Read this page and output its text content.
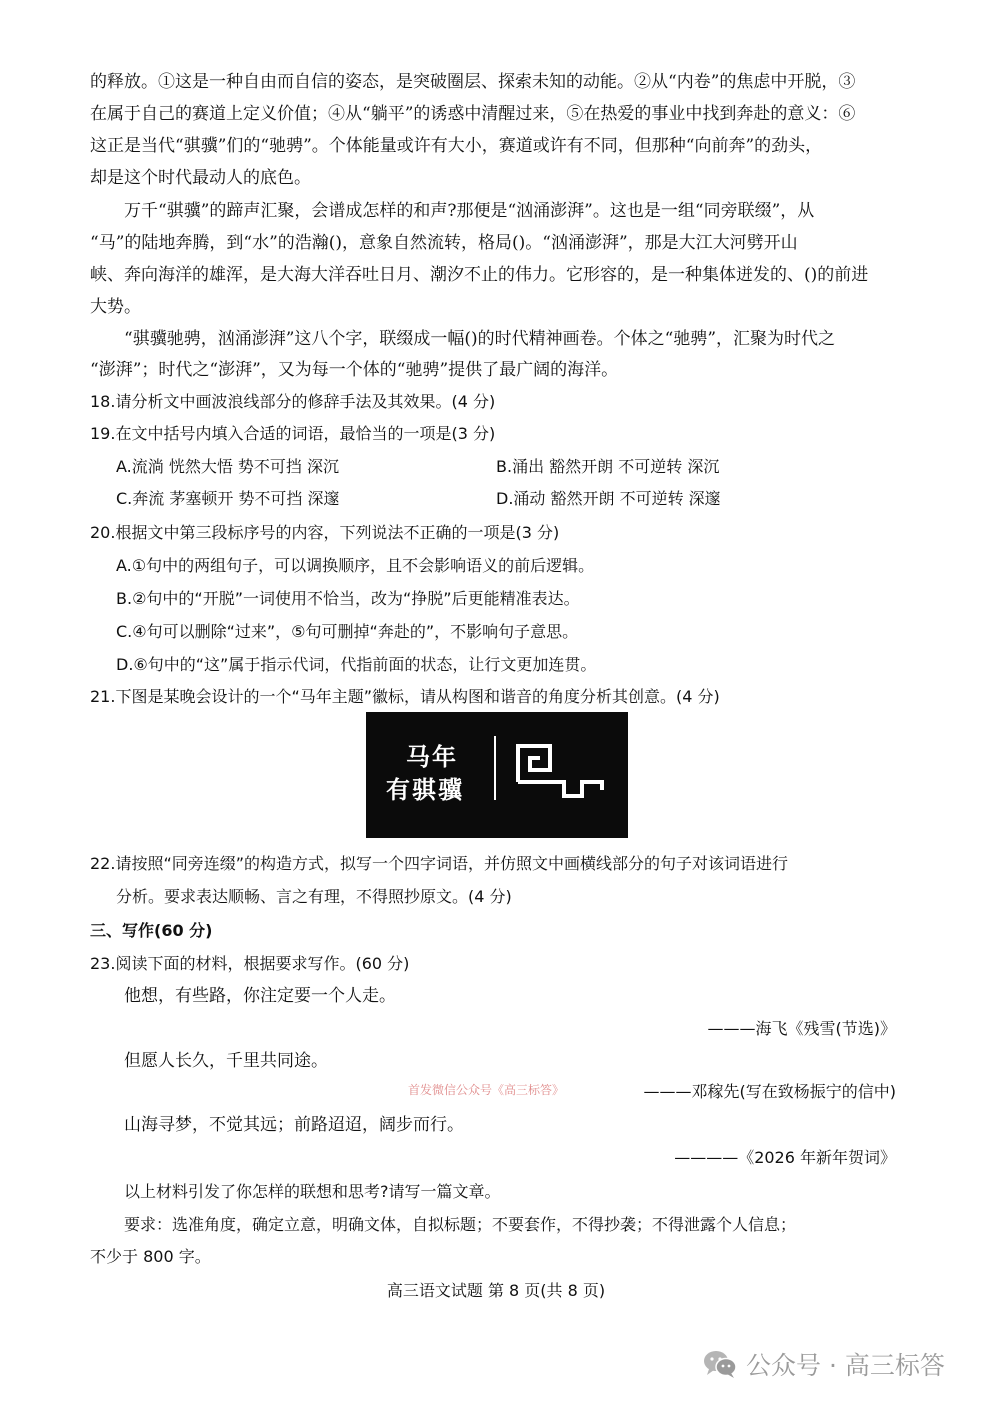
的释放。①这是一种自由而自信的姿态，是突破圈层、探索未知的动能。②从“内卷”的焦虑中开脱，③
在属于自己的赛道上定义价值；④从“躺平”的诱惑中清醒过来，⑤在热爱的事业中找到奔赴的意义：⑥
这正是当代“骐骥”们的“驰骋”。个体能量或许有大小，赛道或许有不同，但那种“向前奔”的劲头，
却是这个时代最动人的底色。
万千“骐骥”的蹄声汇聚，会谱成怎样的和声?那便是“汹涌澎湃”。这也是一组“同旁联缀”，从
“马”的陆地奔腾，到“水”的浩瀚()，意象自然流转，格局()。“汹涌澎湃”，那是大江大河劈开山
峡、奔向海洋的雄浑，是大海大洋吞吐日月、潮汐不止的伟力。它形容的，是一种集体迸发的、()的前进
大势。
“骐骥驰骋，汹涌澎湃”这八个字，联缀成一幅()的时代精神画卷。个体之“驰骋”，汇聚为时代之
“澎湃”；时代之“澎湃”，又为每一个体的“驰骋”提供了最广阔的海洋。
18.请分析文中画波浪线部分的修辞手法及其效果。(4 分)
19.在文中括号内填入合适的词语，最恰当的一项是(3 分)
A.流淌 恍然大悟 势不可挡 深沉	B.涌出 豁然开朗 不可逆转 深沉
C.奔流 茅塞顿开 势不可挡 深邃	D.涌动 豁然开朗 不可逆转 深邃
20.根据文中第三段标序号的内容，下列说法不正确的一项是(3 分)
A.①句中的两组句子，可以调换顺序，且不会影响语义的前后逻辑。
B.②句中的“开脱”一词使用不恰当，改为“挣脱”后更能精准表达。
C.④句可以删除“过来”，⑤句可删掉“奔赴的”，不影响句子意思。
D.⑥句中的“这”属于指示代词，代指前面的状态，让行文更加连贯。
21.下图是某晚会设计的一个“马年主题”徽标，请从构图和谐音的角度分析其创意。(4 分)
马年
有骐骥
22.请按照“同旁连缀”的构造方式，拟写一个四字词语，并仿照文中画横线部分的句子对该词语进行
分析。要求表达顺畅、言之有理，不得照抄原文。(4 分)
三、写作(60 分)
23.阅读下面的材料，根据要求写作。(60 分)
他想，有些路，你注定要一个人走。
———海飞《残雪(节选)》
但愿人长久，千里共同途。
首发微信公众号《高三标答》	———邓稼先(写在致杨振宁的信中)
山海寻梦，不觉其远；前路迢迢，阔步而行。
————《2026 年新年贺词》
以上材料引发了你怎样的联想和思考?请写一篇文章。
要求：选准角度，确定立意，明确文体，自拟标题；不要套作，不得抄袭；不得泄露个人信息；
不少于 800 字。
高三语文试题 第 8 页(共 8 页)
公众号 · 高三标答
